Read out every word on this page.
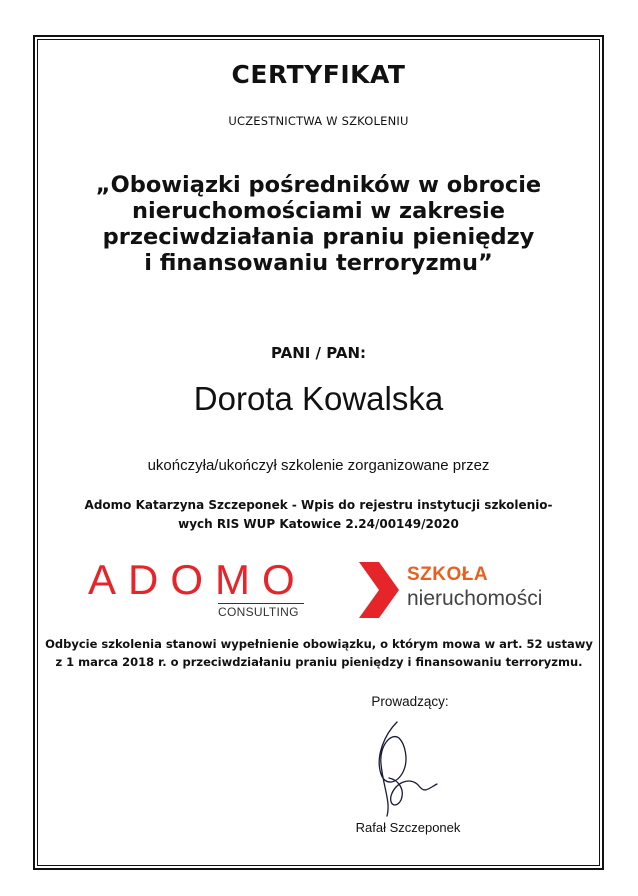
CERTYFIKAT
UCZESTNICTWA W SZKOLENIU
„Obowiązki pośredników w obrocie
nieruchomościami w zakresie
przeciwdziałania praniu pieniędzy
i finansowaniu terroryzmu”
PANI / PAN:
Dorota Kowalska
ukończyła/ukończył szkolenie zorganizowane przez
Adomo Katarzyna Szczeponek - Wpis do rejestru instytucji szkolenio-
wych RIS WUP Katowice 2.24/00149/2020
ADOMO
CONSULTING
SZKOŁA
nieruchomości
Odbycie szkolenia stanowi wypełnienie obowiązku, o którym mowa w art. 52 ustawy
z 1 marca 2018 r. o przeciwdziałaniu praniu pieniędzy i finansowaniu terroryzmu.
Prowadzący:
Rafał Szczeponek
